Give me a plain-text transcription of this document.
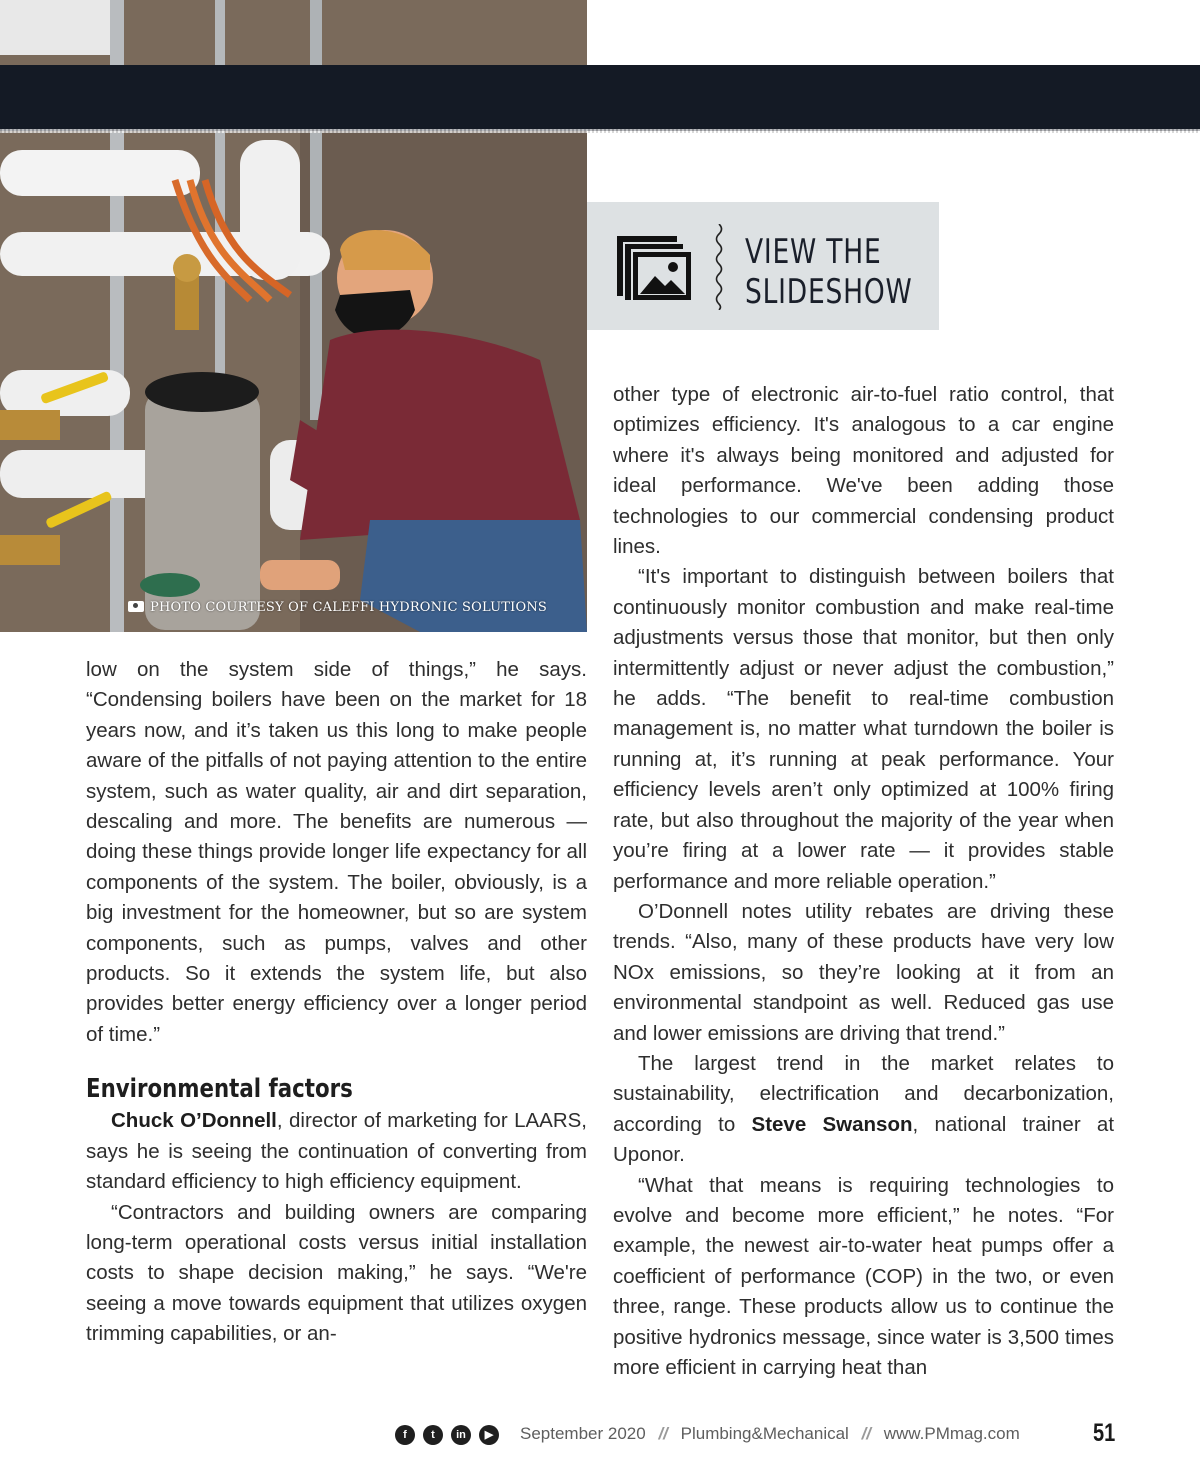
PHOTO COURTESY OF CALEFFI HYDRONIC SOLUTIONS
VIEW THE
SLIDESHOW

low on the system side of things,” he says. “Condensing boilers have been on the market for 18 years now, and it’s taken us this long to make people aware of the pitfalls of not paying attention to the entire system, such as water quality, air and dirt separation, descaling and more. The benefits are numerous —doing these things provide longer life expectancy for all components of the system. The boiler, obviously, is a big investment for the homeowner, but so are system components, such as pumps, valves and other products. So it extends the system life, but also provides better energy efficiency over a longer period of time.”

Environmental factors

Chuck O’Donnell, director of marketing for LAARS, says he is seeing the continuation of converting from standard efficiency to high efficiency equipment.

“Contractors and building owners are comparing long-term operational costs versus initial installation costs to shape decision making,” he says. “We're seeing a move towards equipment that utilizes oxygen trimming capabilities, or an-

other type of electronic air-to-fuel ratio control, that optimizes efficiency. It's analogous to a car engine where it's always being monitored and adjusted for ideal performance. We've been adding those technologies to our commercial condensing product lines.

“It's important to distinguish between boilers that continuously monitor combustion and make real-time adjustments versus those that monitor, but then only intermittently adjust or never adjust the combustion,” he adds. “The benefit to real-time combustion management is, no matter what turndown the boiler is running at, it’s running at peak performance. Your efficiency levels aren’t only optimized at 100% firing rate, but also throughout the majority of the year when you’re firing at a lower rate — it provides stable performance and more reliable operation.”

O’Donnell notes utility rebates are driving these trends. “Also, many of these products have very low NOx emissions, so they’re looking at it from an environmental standpoint as well. Reduced gas use and lower emissions are driving that trend.”

The largest trend in the market relates to sustainability, electrification and decarbonization, according to Steve Swanson, national trainer at Uponor.

“What that means is requiring technologies to evolve and become more efficient,” he notes. “For example, the newest air-to-water heat pumps offer a coefficient of performance (COP) in the two, or even three, range. These products allow us to continue the positive hydronics message, since water is 3,500 times more efficient in carrying heat than

f	t	in	▶	September 2020 // Plumbing&Mechanical // www.PMmag.com	51
